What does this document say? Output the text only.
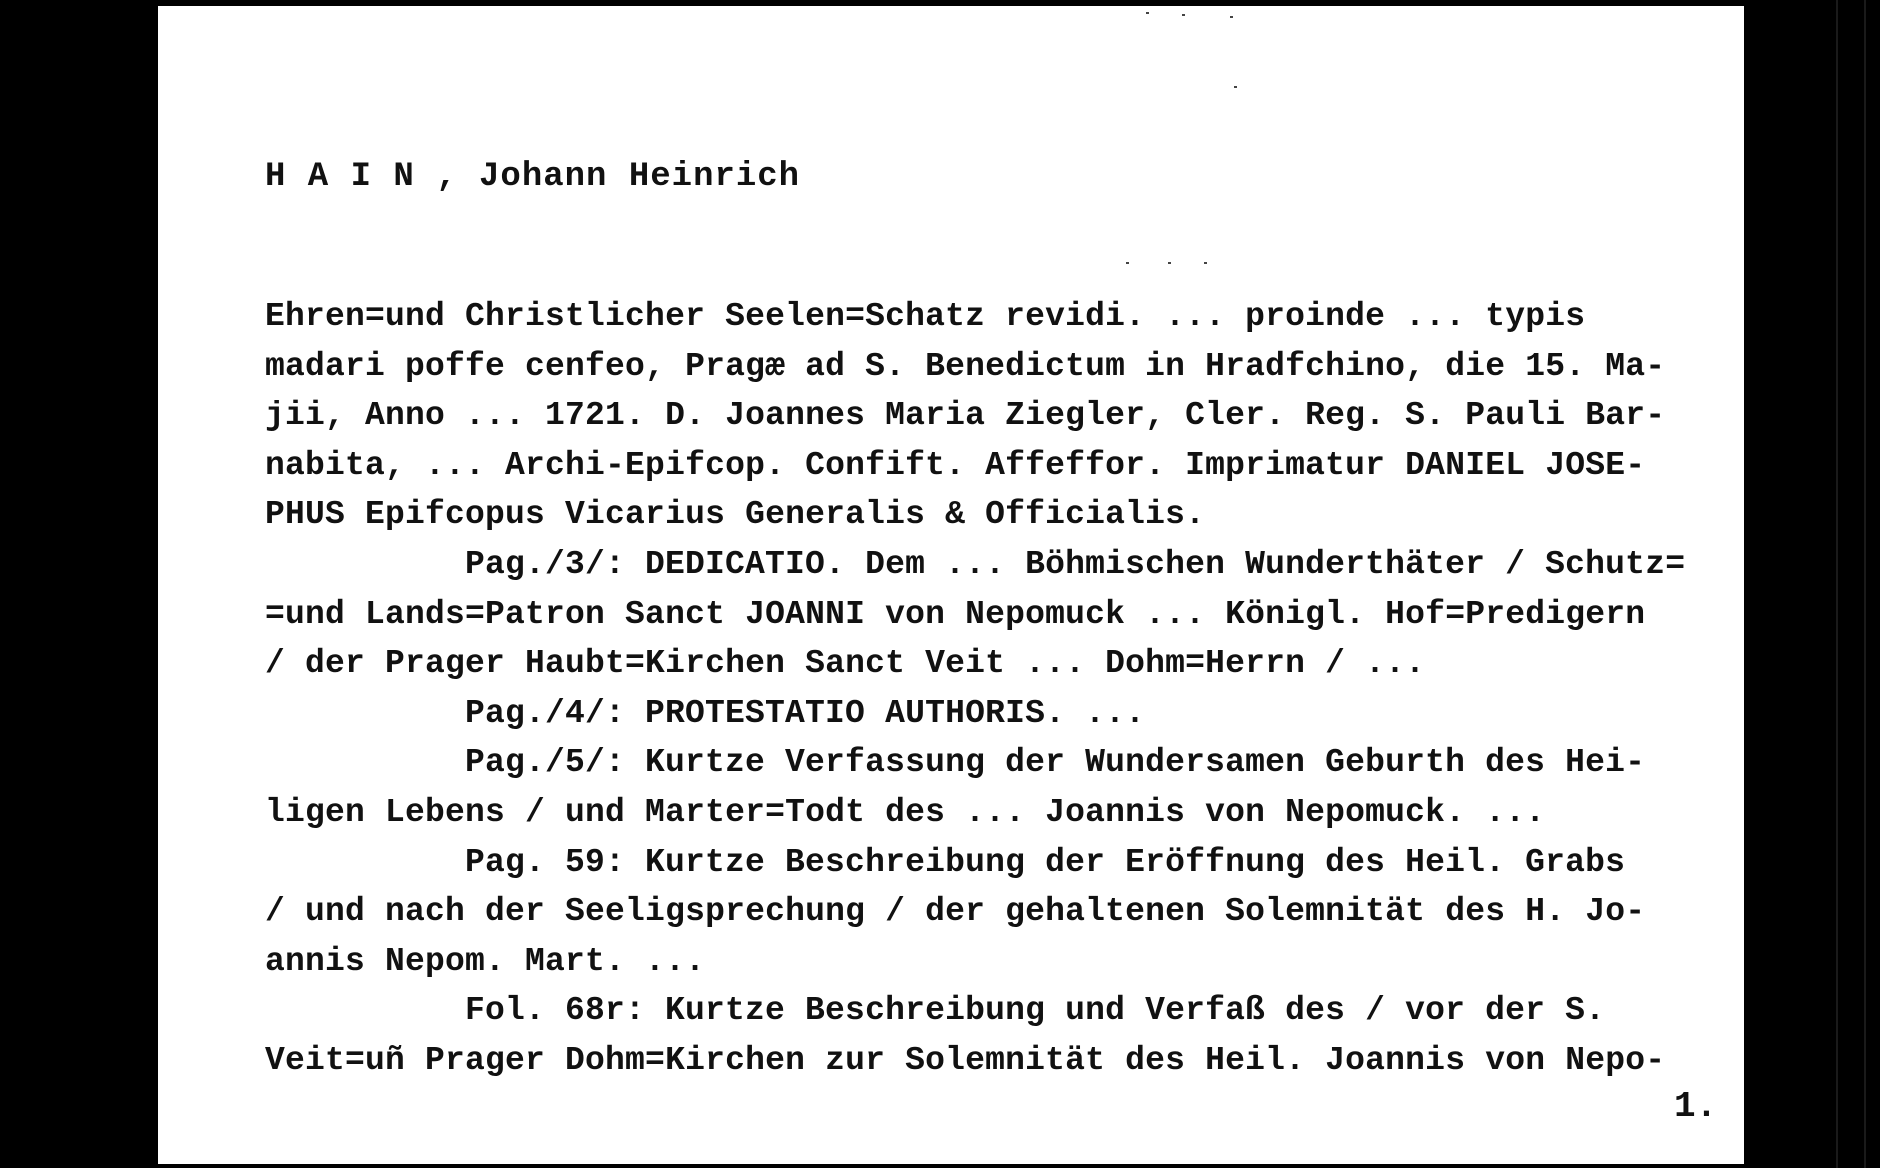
H A I N , Johann Heinrich
Ehren=und Christlicher Seelen=Schatz revidi. ... proinde ... typis
madari poffe cenfeo, Pragæ ad S. Benedictum in Hradfchino, die 15. Ma-
jii, Anno ... 1721. D. Joannes Maria Ziegler, Cler. Reg. S. Pauli Bar-
nabita, ... Archi-Epifcop. Confift. Affeffor. Imprimatur DANIEL JOSE-
PHUS Epifcopus Vicarius Generalis & Officialis.
Pag./3/: DEDICATIO. Dem ... Böhmischen Wunderthäter / Schutz=
=und Lands=Patron Sanct JOANNI von Nepomuck ... Königl. Hof=Predigern
/ der Prager Haubt=Kirchen Sanct Veit ... Dohm=Herrn / ...
Pag./4/: PROTESTATIO AUTHORIS. ...
Pag./5/: Kurtze Verfassung der Wundersamen Geburth des Hei-
ligen Lebens / und Marter=Todt des ... Joannis von Nepomuck. ...
Pag. 59: Kurtze Beschreibung der Eröffnung des Heil. Grabs
/ und nach der Seeligsprechung / der gehaltenen Solemnität des H. Jo-
annis Nepom. Mart. ...
Fol. 68r: Kurtze Beschreibung und Verfaß des / vor der S.
Veit=uñ Prager Dohm=Kirchen zur Solemnität des Heil. Joannis von Nepo-
1.
